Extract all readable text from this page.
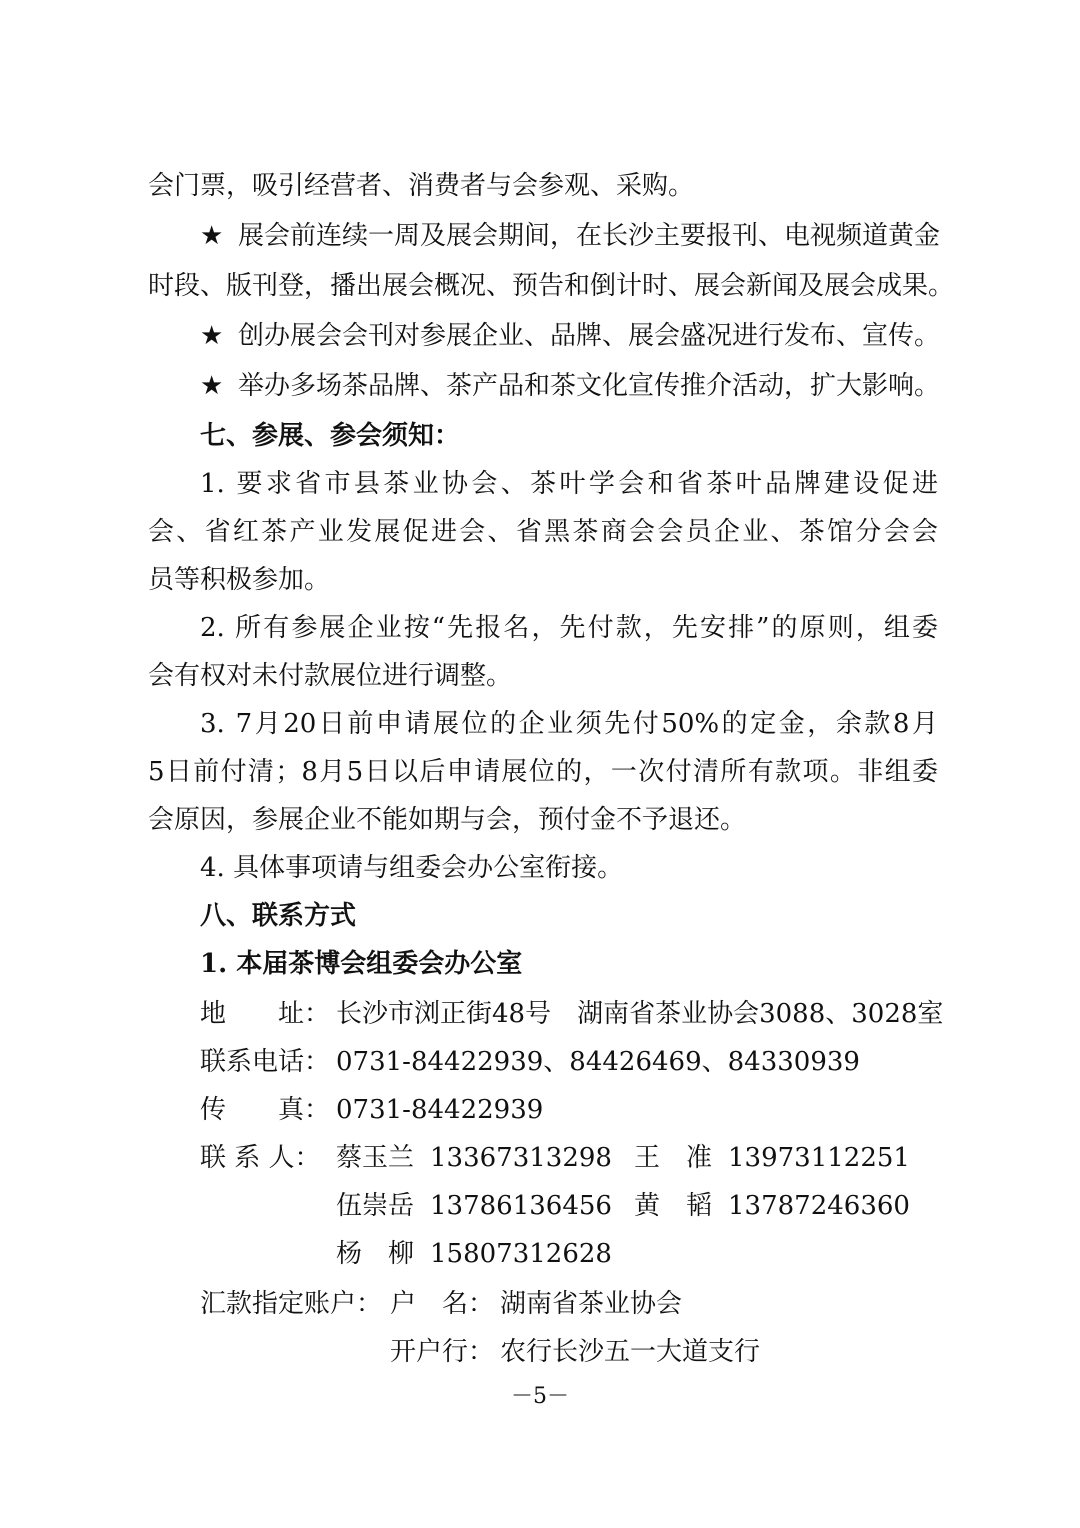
会门票，吸引经营者、消费者与会参观、采购。
★ 展会前连续一周及展会期间，在长沙主要报刊、电视频道黄金
时段、版刊登，播出展会概况、预告和倒计时、展会新闻及展会成果。
★ 创办展会会刊对参展企业、品牌、展会盛况进行发布、宣传。
★ 举办多场茶品牌、茶产品和茶文化宣传推介活动，扩大影响。
七、参展、参会须知：
1. 要求省市县茶业协会、茶叶学会和省茶叶品牌建设促进
会、省红茶产业发展促进会、省黑茶商会会员企业、茶馆分会会
员等积极参加。
2. 所有参展企业按“先报名，先付款，先安排”的原则，组委
会有权对未付款展位进行调整。
3. 7月20日前申请展位的企业须先付50%的定金，余款8月
5日前付清；8月5日以后申请展位的，一次付清所有款项。非组委
会原因，参展企业不能如期与会，预付金不予退还。
4. 具体事项请与组委会办公室衔接。
八、联系方式
1. 本届茶博会组委会办公室
地　　址： 长沙市浏正街48号　湖南省茶业协会3088、3028室
联系电话： 0731-84422939、84426469、84330939
传　　真： 0731-84422939
联 系 人： 蔡玉兰 13367313298 王　准 13973112251
伍崇岳 13786136456 黄　韬 13787246360
杨　柳 15807312628
汇款指定账户： 户　名： 湖南省茶业协会
开户行： 农行长沙五一大道支行
－5－
